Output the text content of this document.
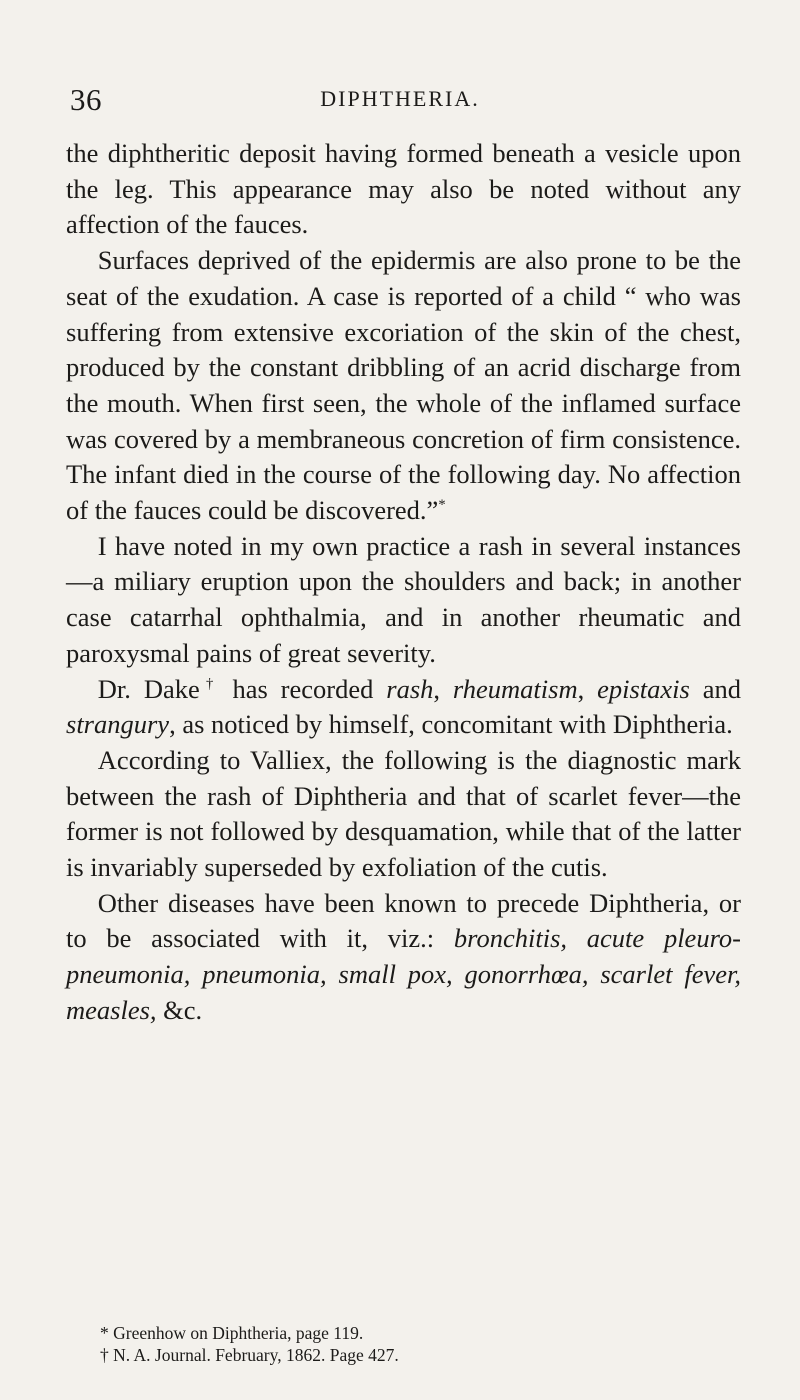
36	DIPHTHERIA.

the diphtheritic deposit having formed beneath a vesicle upon the leg. This appearance may also be noted without any affection of the fauces.

Surfaces deprived of the epidermis are also prone to be the seat of the exudation. A case is reported of a child “ who was suffering from extensive excoriation of the skin of the chest, produced by the constant dribbling of an acrid discharge from the mouth. When first seen, the whole of the inflamed surface was covered by a membraneous concretion of firm consistence. The infant died in the course of the following day. No affection of the fauces could be discovered.”*

I have noted in my own practice a rash in several instances—a miliary eruption upon the shoulders and back; in another case catarrhal ophthalmia, and in another rheumatic and paroxysmal pains of great severity.

Dr. Dake† has recorded rash, rheumatism, epistaxis and strangury, as noticed by himself, concomitant with Diphtheria.

According to Valliex, the following is the diagnostic mark between the rash of Diphtheria and that of scarlet fever—the former is not followed by desquamation, while that of the latter is invariably superseded by exfoliation of the cutis.

Other diseases have been known to precede Diphtheria, or to be associated with it, viz.: bronchitis, acute pleuro-pneumonia, pneumonia, small pox, gonorrhœa, scarlet fever, measles, &c.

* Greenhow on Diphtheria, page 119.
† N. A. Journal. February, 1862. Page 427.
